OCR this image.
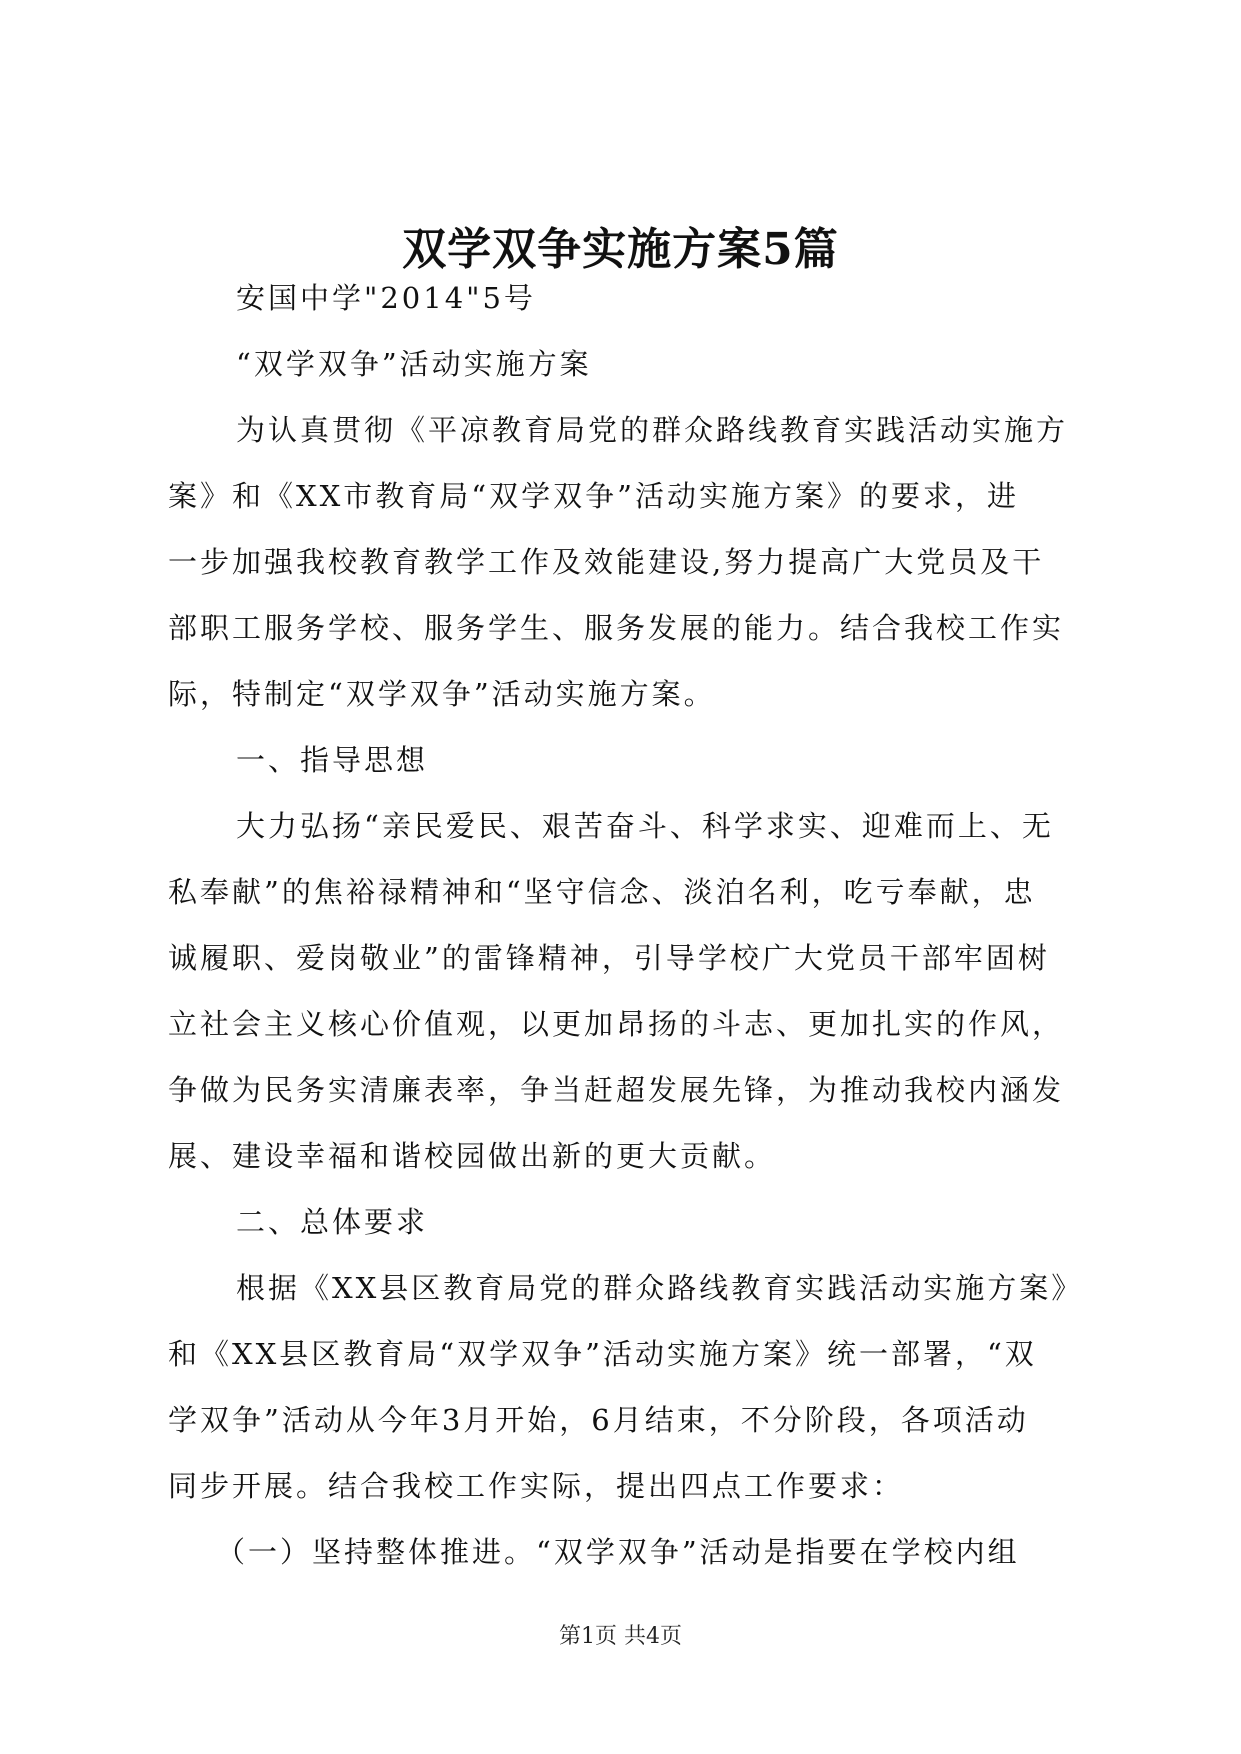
双学双争实施方案5篇

安国中学"2014"5号

“双学双争”活动实施方案

为认真贯彻《平凉教育局党的群众路线教育实践活动实施方

案》和《XX市教育局“双学双争”活动实施方案》的要求，进

一步加强我校教育教学工作及效能建设,努力提高广大党员及干

部职工服务学校、服务学生、服务发展的能力。结合我校工作实

际，特制定“双学双争”活动实施方案。

一、指导思想

大力弘扬“亲民爱民、艰苦奋斗、科学求实、迎难而上、无

私奉献”的焦裕禄精神和“坚守信念、淡泊名利，吃亏奉献，忠

诚履职、爱岗敬业”的雷锋精神，引导学校广大党员干部牢固树

立社会主义核心价值观，以更加昂扬的斗志、更加扎实的作风，

争做为民务实清廉表率，争当赶超发展先锋，为推动我校内涵发

展、建设幸福和谐校园做出新的更大贡献。

二、总体要求

根据《XX县区教育局党的群众路线教育实践活动实施方案》

和《XX县区教育局“双学双争”活动实施方案》统一部署，“双

学双争”活动从今年3月开始，6月结束，不分阶段，各项活动

同步开展。结合我校工作实际，提出四点工作要求：

（一）坚持整体推进。“双学双争”活动是指要在学校内组

第1页 共4页
